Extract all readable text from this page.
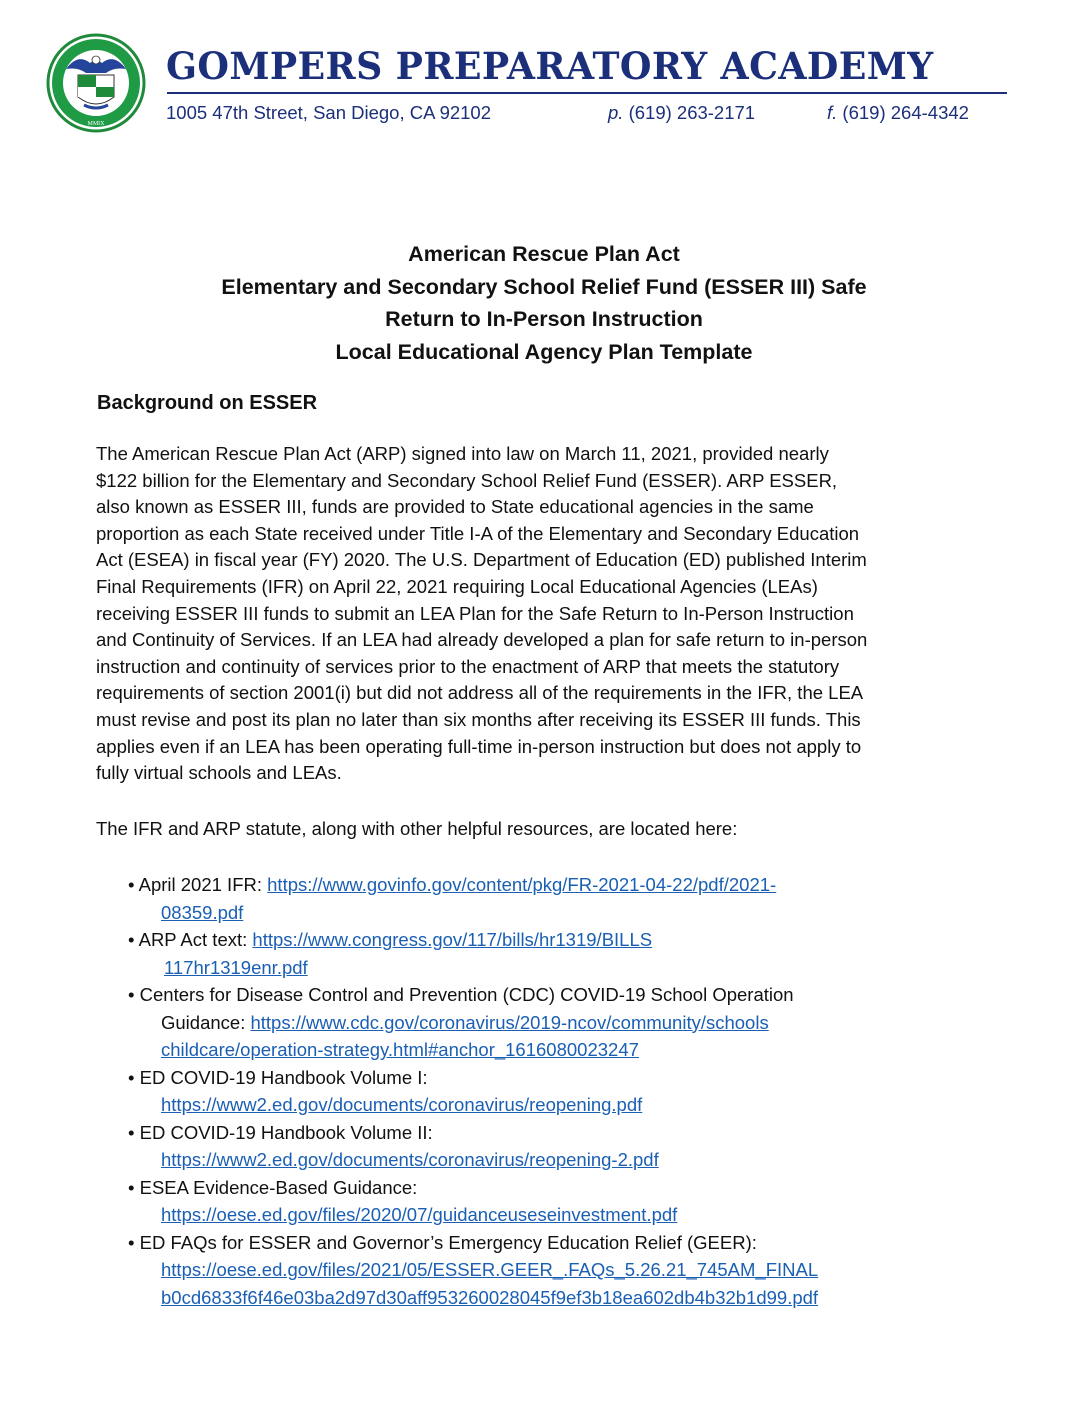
MMIX
GOMPERS PREPARATORY ACADEMY
1005 47th Street, San Diego, CA 92102	p. (619) 263-2171	f. (619) 264-4342
American Rescue Plan Act
Elementary and Secondary School Relief Fund (ESSER III) Safe
Return to In-Person Instruction
Local Educational Agency Plan Template
Background on ESSER
The American Rescue Plan Act (ARP) signed into law on March 11, 2021, provided nearly
$122 billion for the Elementary and Secondary School Relief Fund (ESSER). ARP ESSER,
also known as ESSER III, funds are provided to State educational agencies in the same
proportion as each State received under Title I-A of the Elementary and Secondary Education
Act (ESEA) in fiscal year (FY) 2020. The U.S. Department of Education (ED) published Interim
Final Requirements (IFR) on April 22, 2021 requiring Local Educational Agencies (LEAs)
receiving ESSER III funds to submit an LEA Plan for the Safe Return to In-Person Instruction
and Continuity of Services. If an LEA had already developed a plan for safe return to in-person
instruction and continuity of services prior to the enactment of ARP that meets the statutory
requirements of section 2001(i) but did not address all of the requirements in the IFR, the LEA
must revise and post its plan no later than six months after receiving its ESSER III funds. This
applies even if an LEA has been operating full-time in-person instruction but does not apply to
fully virtual schools and LEAs.
The IFR and ARP statute, along with other helpful resources, are located here:
• April 2021 IFR: https://www.govinfo.gov/content/pkg/FR-2021-04-22/pdf/2021-
08359.pdf
• ARP Act text: https://www.congress.gov/117/bills/hr1319/BILLS
117hr1319enr.pdf
• Centers for Disease Control and Prevention (CDC) COVID-19 School Operation
Guidance: https://www.cdc.gov/coronavirus/2019-ncov/community/schools
childcare/operation-strategy.html#anchor_1616080023247
• ED COVID-19 Handbook Volume I:
https://www2.ed.gov/documents/coronavirus/reopening.pdf
• ED COVID-19 Handbook Volume II:
https://www2.ed.gov/documents/coronavirus/reopening-2.pdf
• ESEA Evidence-Based Guidance:
https://oese.ed.gov/files/2020/07/guidanceuseseinvestment.pdf
• ED FAQs for ESSER and Governor’s Emergency Education Relief (GEER):
https://oese.ed.gov/files/2021/05/ESSER.GEER_.FAQs_5.26.21_745AM_FINAL
b0cd6833f6f46e03ba2d97d30aff953260028045f9ef3b18ea602db4b32b1d99.pdf
